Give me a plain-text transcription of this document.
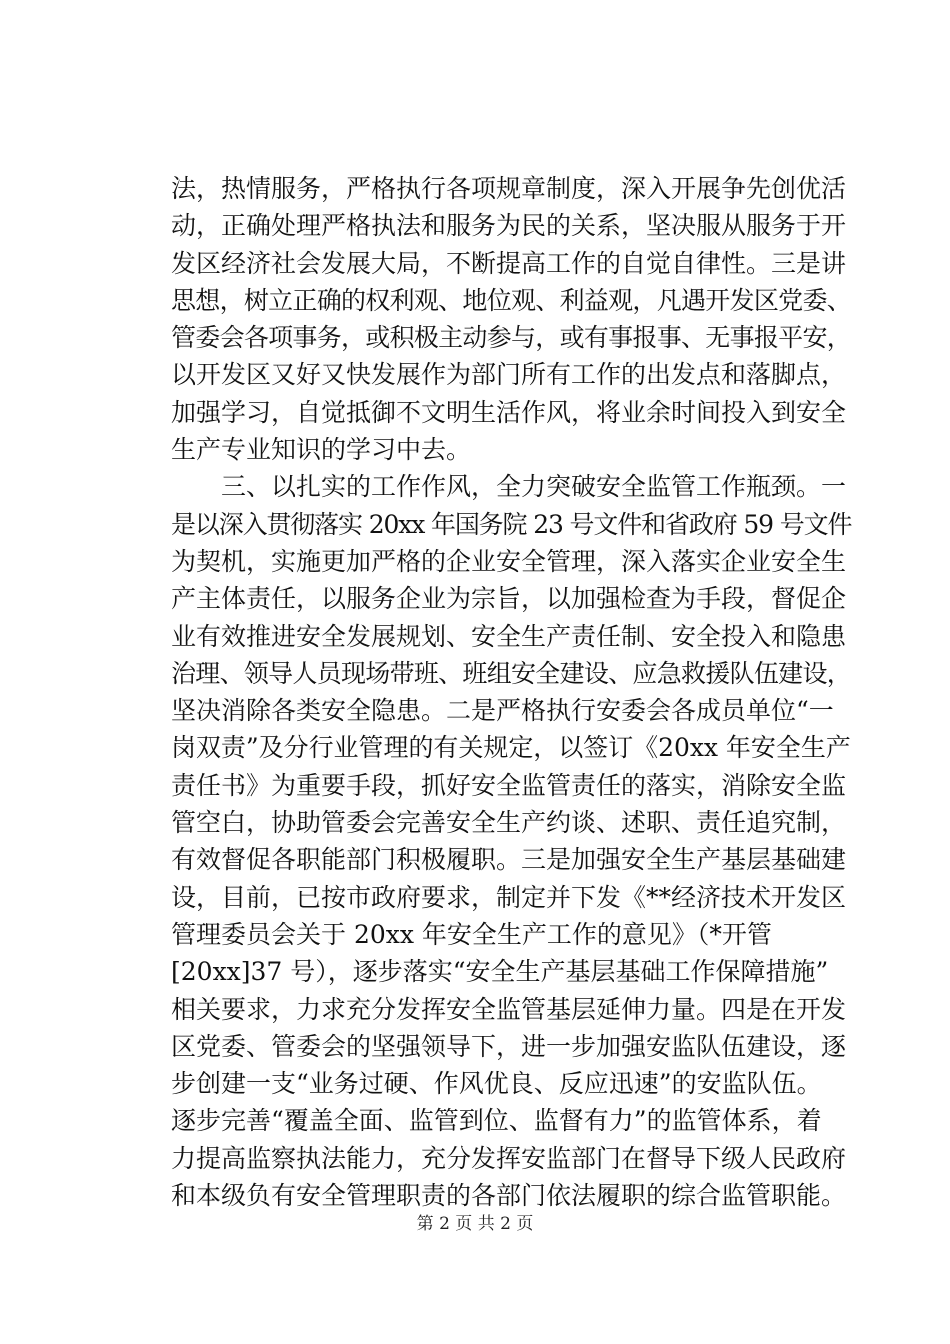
法，热情服务，严格执行各项规章制度，深入开展争先创优活
动，正确处理严格执法和服务为民的关系，坚决服从服务于开
发区经济社会发展大局，不断提高工作的自觉自律性。三是讲
思想，树立正确的权利观、地位观、利益观，凡遇开发区党委、
管委会各项事务，或积极主动参与，或有事报事、无事报平安，
以开发区又好又快发展作为部门所有工作的出发点和落脚点，
加强学习，自觉抵御不文明生活作风，将业余时间投入到安全
生产专业知识的学习中去。
　　三、以扎实的工作作风，全力突破安全监管工作瓶颈。一
是以深入贯彻落实 20xx 年国务院 23 号文件和省政府 59 号文件
为契机，实施更加严格的企业安全管理，深入落实企业安全生
产主体责任，以服务企业为宗旨，以加强检查为手段，督促企
业有效推进安全发展规划、安全生产责任制、安全投入和隐患
治理、领导人员现场带班、班组安全建设、应急救援队伍建设，
坚决消除各类安全隐患。二是严格执行安委会各成员单位“一
岗双责”及分行业管理的有关规定，以签订《20xx 年安全生产
责任书》为重要手段，抓好安全监管责任的落实，消除安全监
管空白，协助管委会完善安全生产约谈、述职、责任追究制，
有效督促各职能部门积极履职。三是加强安全生产基层基础建
设，目前，已按市政府要求，制定并下发《**经济技术开发区
管理委员会关于 20xx 年安全生产工作的意见》（*开管
[20xx]37 号），逐步落实“安全生产基层基础工作保障措施”
相关要求，力求充分发挥安全监管基层延伸力量。四是在开发
区党委、管委会的坚强领导下，进一步加强安监队伍建设，逐
步创建一支“业务过硬、作风优良、反应迅速”的安监队伍。
逐步完善“覆盖全面、监管到位、监督有力”的监管体系，着
力提高监察执法能力，充分发挥安监部门在督导下级人民政府
和本级负有安全管理职责的各部门依法履职的综合监管职能。
第 2 页 共 2 页
